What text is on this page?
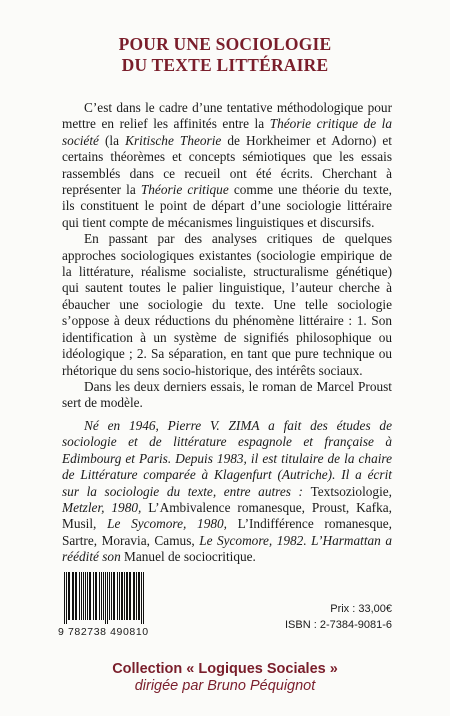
POUR UNE SOCIOLOGIE
DU TEXTE LITTÉRAIRE

C’est dans le cadre d’une tentative méthodologique pour mettre en relief les affinités entre la Théorie critique de la société (la Kritische Theorie de Horkheimer et Adorno) et certains théorèmes et concepts sémiotiques que les essais rassemblés dans ce recueil ont été écrits. Cherchant à représenter la Théorie critique comme une théorie du texte, ils constituent le point de départ d’une sociologie littéraire qui tient compte de mécanismes linguistiques et discursifs.

En passant par des analyses critiques de quelques approches sociologiques existantes (sociologie empirique de la littérature, réalisme socialiste, structuralisme génétique) qui sautent toutes le palier linguistique, l’auteur cherche à ébaucher une sociologie du texte. Une telle sociologie s’oppose à deux réductions du phénomène littéraire : 1. Son identification à un système de signifiés philosophique ou idéologique ; 2. Sa séparation, en tant que pure technique ou rhétorique du sens socio-historique, des intérêts sociaux.

Dans les deux derniers essais, le roman de Marcel Proust sert de modèle.

Né en 1946, Pierre V. ZIMA a fait des études de sociologie et de littérature espagnole et française à Edimbourg et Paris. Depuis 1983, il est titulaire de la chaire de Littérature comparée à Klagenfurt (Autriche). Il a écrit sur la sociologie du texte, entre autres : Textsoziologie, Metzler, 1980, L’Ambivalence romanesque, Proust, Kafka, Musil, Le Sycomore, 1980, L’Indifférence romanesque, Sartre, Moravia, Camus, Le Sycomore, 1982. L’Harmattan a réédité son Manuel de sociocritique.
9 782738 490810
Prix : 33,00€
ISBN : 2-7384-9081-6
Collection « Logiques Sociales »
dirigée par Bruno Péquignot
